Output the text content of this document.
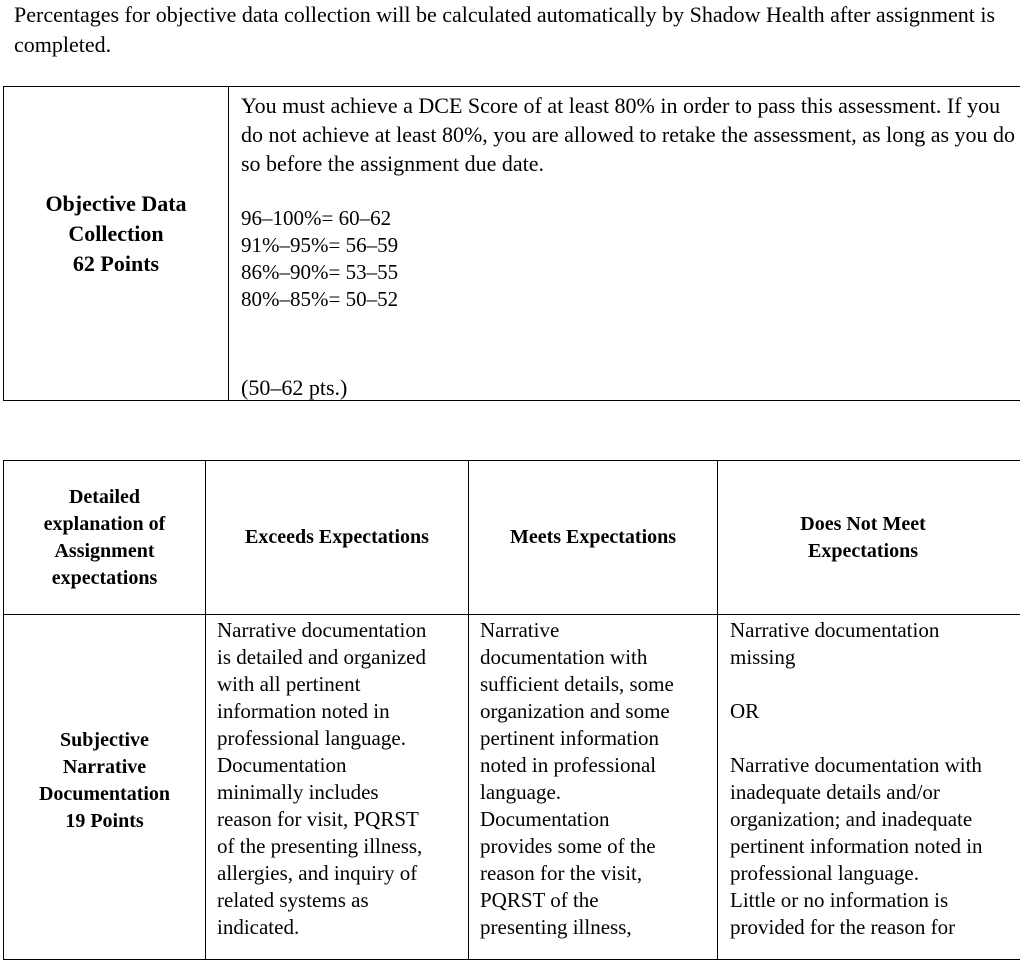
Percentages for objective data collection will be calculated automatically by Shadow Health after assignment is completed.

Objective Data
Collection
62 Points

You must achieve a DCE Score of at least 80% in order to pass this assessment. If you do not achieve at least 80%, you are allowed to retake the assessment, as long as you do so before the assignment due date.

96–100%= 60–62
91%–95%= 56–59
86%–90%= 53–55
80%–85%= 50–52
(50–62 pts.)
Detailed explanation of Assignment expectations
Exceeds Expectations	Meets Expectations
Does Not Meet Expectations
Subjective
Narrative
Documentation
19 Points
Narrative documentation
is detailed and organized
with all pertinent
information noted in
professional language.
Documentation
minimally includes
reason for visit, PQRST
of the presenting illness,
allergies, and inquiry of
related systems as
indicated.
Narrative
documentation with
sufficient details, some
organization and some
pertinent information
noted in professional
language.
Documentation
provides some of the
reason for the visit,
PQRST of the
presenting illness,
Narrative documentation
missing

OR

Narrative documentation with
inadequate details and/or
organization; and inadequate
pertinent information noted in
professional language.
Little or no information is
provided for the reason for
